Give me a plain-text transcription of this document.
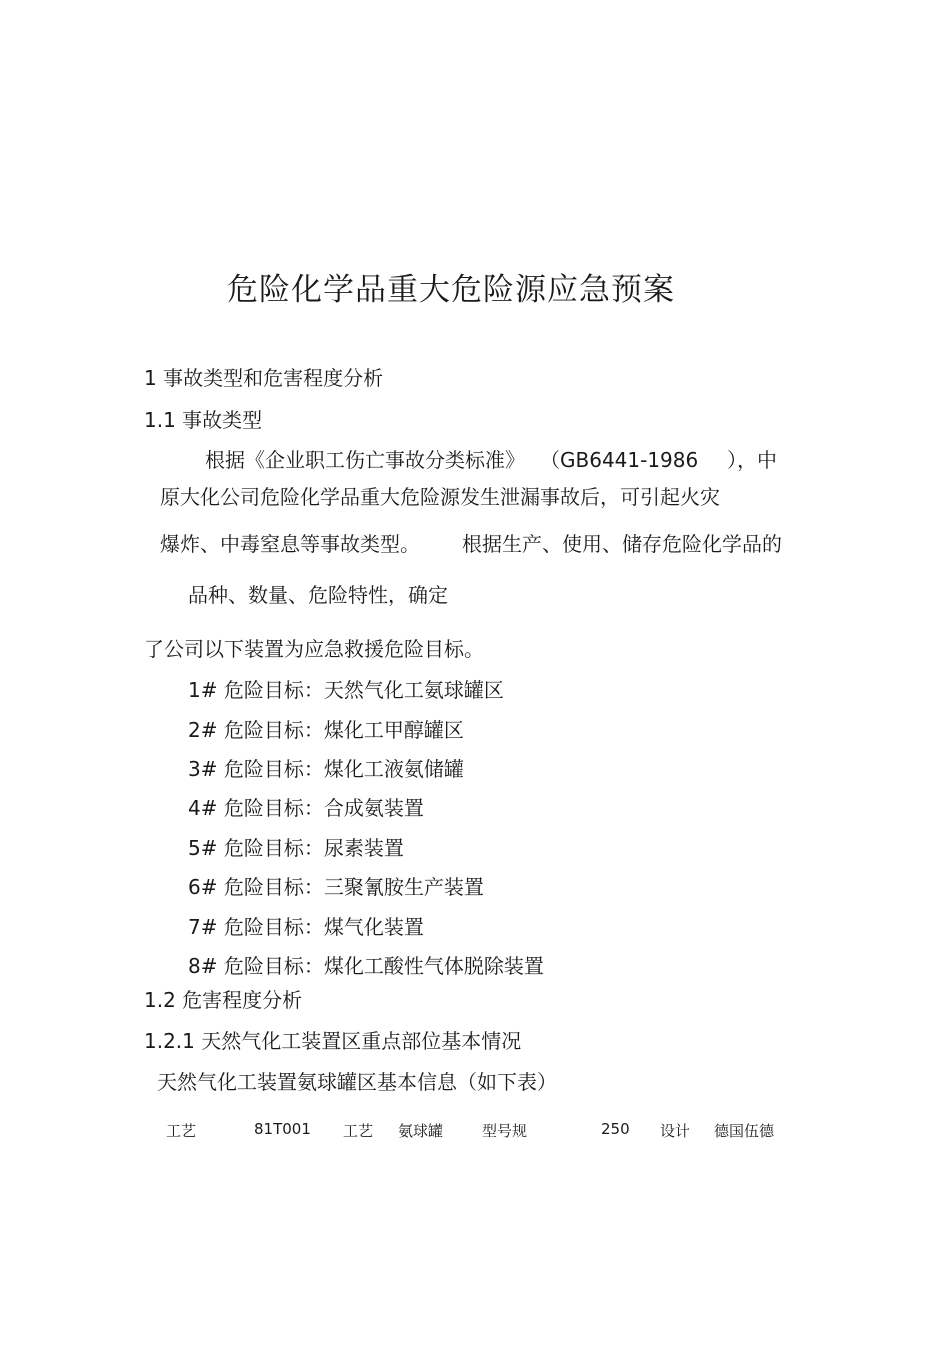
危险化学品重大危险源应急预案
1 事故类型和危害程度分析
1.1 事故类型
根据《企业职工伤亡事故分类标准》 （GB6441-1986 ），中
原大化公司危险化学品重大危险源发生泄漏事故后，可引起火灾
爆炸、中毒窒息等事故类型。 根据生产、使用、储存危险化学品的
品种、数量、危险特性，确定
了公司以下装置为应急救援危险目标。
1# 危险目标：天然气化工氨球罐区
2# 危险目标：煤化工甲醇罐区
3# 危险目标：煤化工液氨储罐
4# 危险目标：合成氨装置
5# 危险目标：尿素装置
6# 危险目标：三聚氰胺生产装置
7# 危险目标：煤气化装置
8# 危险目标：煤化工酸性气体脱除装置
1.2 危害程度分析
1.2.1 天然气化工装置区重点部位基本情况
天然气化工装置氨球罐区基本信息（如下表）
工艺	81T001 工艺 氨球罐	型号规	250 设计 德国伍德
